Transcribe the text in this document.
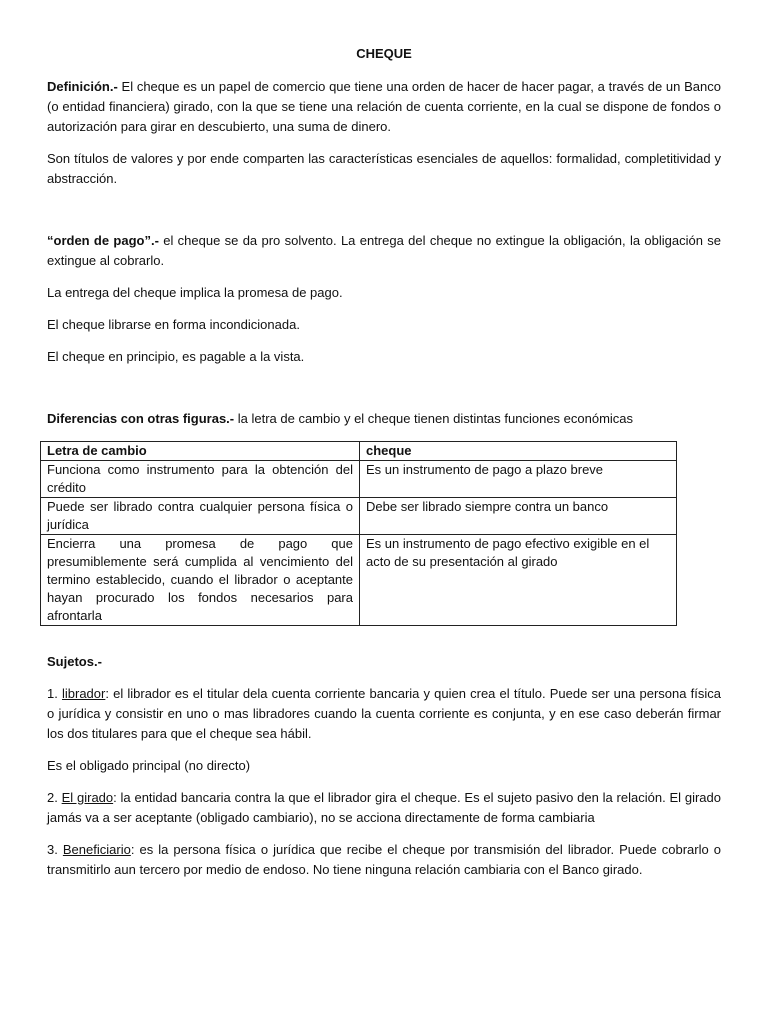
CHEQUE

Definición.- El cheque es un papel de comercio que tiene una orden de hacer de hacer pagar, a través de un Banco (o entidad financiera) girado, con la que se tiene una relación de cuenta corriente, en la cual se dispone de fondos o autorización para girar en descubierto, una suma de dinero.

Son títulos de valores y por ende comparten las características esenciales de aquellos: formalidad, completitividad y abstracción.

“orden de pago”.- el cheque se da pro solvento. La entrega del cheque no extingue la obligación, la obligación se extingue al cobrarlo.

La entrega del cheque implica la promesa de pago.

El cheque librarse en forma incondicionada.

El cheque en principio, es pagable a la vista.

Diferencias con otras figuras.- la letra de cambio y el cheque tienen distintas funciones económicas

Letra de cambio	cheque
Funciona como instrumento para la obtención del crédito	Es un instrumento de pago a plazo breve
Puede ser librado contra cualquier persona física o jurídica	Debe ser librado siempre contra un banco
Encierra una promesa de pago que presumiblemente será cumplida al vencimiento del termino establecido, cuando el librador o aceptante hayan procurado los fondos necesarios para afrontarla	Es un instrumento de pago efectivo exigible en el acto de su presentación al girado

Sujetos.-

1. librador: el librador es el titular dela cuenta corriente bancaria y quien crea el título. Puede ser una persona física o jurídica y consistir en uno o mas libradores cuando la cuenta corriente es conjunta, y en ese caso deberán firmar los dos titulares para que el cheque sea hábil.

Es el obligado principal (no directo)

2. El girado: la entidad bancaria contra la que el librador gira el cheque. Es el sujeto pasivo den la relación. El girado jamás va a ser aceptante (obligado cambiario), no se acciona directamente de forma cambiaria

3. Beneficiario: es la persona física o jurídica que recibe el cheque por transmisión del librador. Puede cobrarlo o transmitirlo aun tercero por medio de endoso. No tiene ninguna relación cambiaria con el Banco girado.
